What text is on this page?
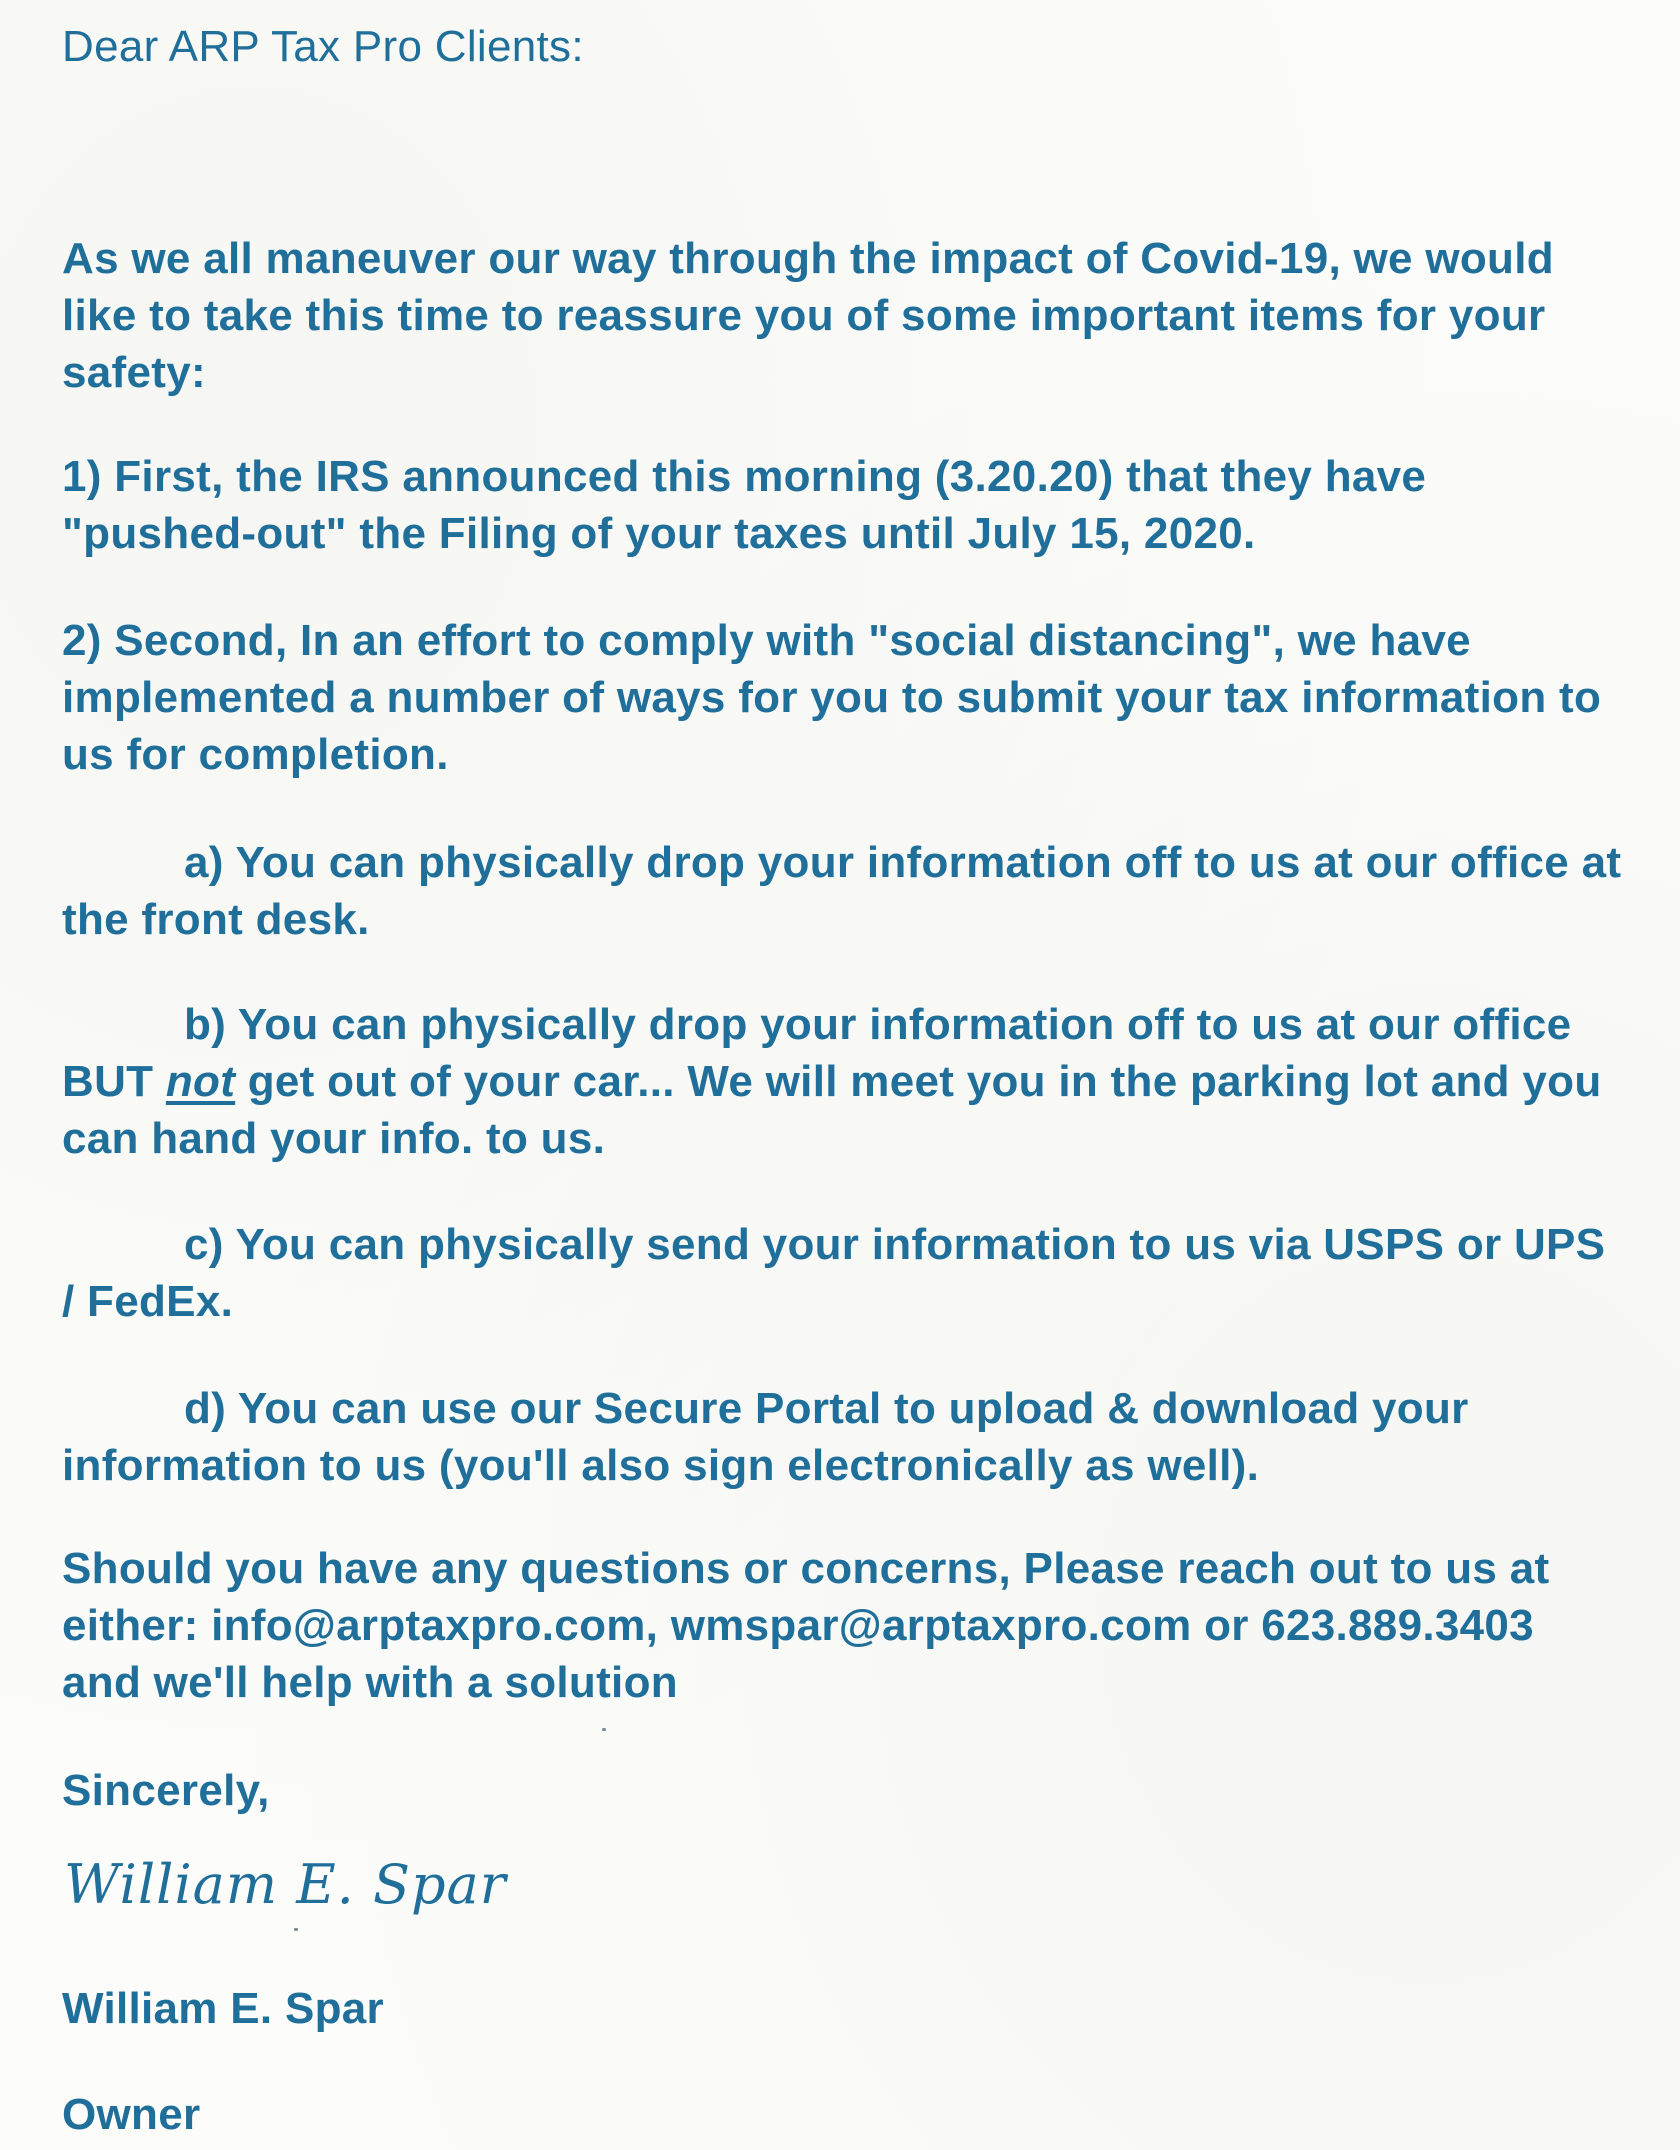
Dear ARP Tax Pro Clients:

As we all maneuver our way through the impact of Covid-19, we would like to take this time to reassure you of some important items for your safety:

1) First, the IRS announced this morning (3.20.20) that they have "pushed-out" the Filing of your taxes until July 15, 2020.

2) Second, In an effort to comply with "social distancing", we have implemented a number of ways for you to submit your tax information to us for completion.

a) You can physically drop your information off to us at our office at the front desk.

b) You can physically drop your information off to us at our office BUT not get out of your car... We will meet you in the parking lot and you can hand your info. to us.

c) You can physically send your information to us via USPS or UPS / FedEx.

d) You can use our Secure Portal to upload & download your information to us (you'll also sign electronically as well).

Should you have any questions or concerns, Please reach out to us at either: info@arptaxpro.com, wmspar@arptaxpro.com or 623.889.3403 and we'll help with a solution

Sincerely,

William E. Spar

William E. Spar

Owner
